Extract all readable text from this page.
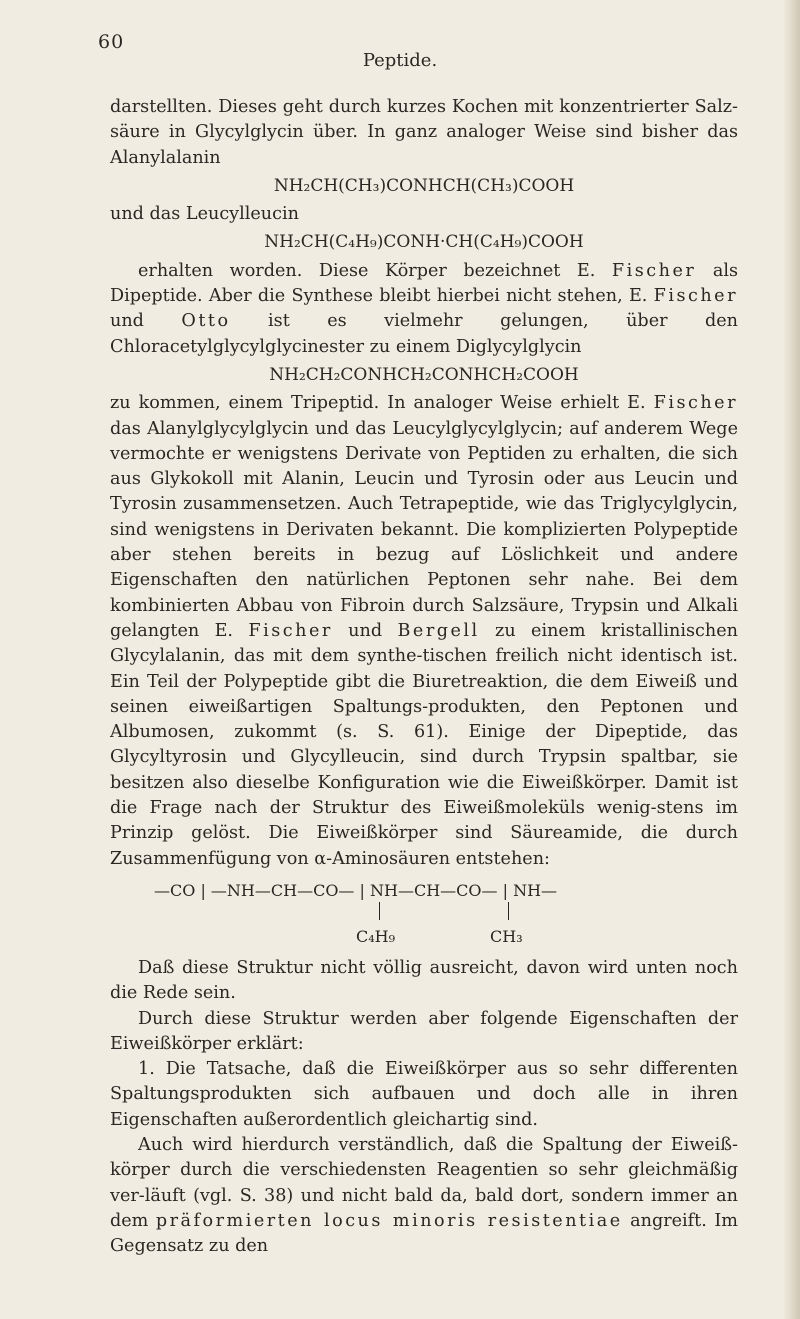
60
Peptide.

darstellten. Dieses geht durch kurzes Kochen mit konzentrierter Salz-säure in Glycylglycin über. In ganz analoger Weise sind bisher das Alanylalanin

NH₂CH(CH₃)CONHCH(CH₃)COOH

und das Leucylleucin

NH₂CH(C₄H₉)CONH·CH(C₄H₉)COOH

erhalten worden. Diese Körper bezeichnet E. Fischer als Dipeptide. Aber die Synthese bleibt hierbei nicht stehen, E. Fischer und Otto ist es vielmehr gelungen, über den Chloracetylglycylglycinester zu einem Diglycylglycin

NH₂CH₂CONHCH₂CONHCH₂COOH

zu kommen, einem Tripeptid. In analoger Weise erhielt E. Fischer das Alanylglycylglycin und das Leucylglycylglycin; auf anderem Wege vermochte er wenigstens Derivate von Peptiden zu erhalten, die sich aus Glykokoll mit Alanin, Leucin und Tyrosin oder aus Leucin und Tyrosin zusammensetzen. Auch Tetrapeptide, wie das Triglycylglycin, sind wenigstens in Derivaten bekannt. Die komplizierten Polypeptide aber stehen bereits in bezug auf Löslichkeit und andere Eigenschaften den natürlichen Peptonen sehr nahe. Bei dem kombinierten Abbau von Fibroin durch Salzsäure, Trypsin und Alkali gelangten E. Fischer und Bergell zu einem kristallinischen Glycylalanin, das mit dem synthe-tischen freilich nicht identisch ist. Ein Teil der Polypeptide gibt die Biuretreaktion, die dem Eiweiß und seinen eiweißartigen Spaltungs-produkten, den Peptonen und Albumosen, zukommt (s. S. 61). Einige der Dipeptide, das Glycyltyrosin und Glycylleucin, sind durch Trypsin spaltbar, sie besitzen also dieselbe Konfiguration wie die Eiweißkörper. Damit ist die Frage nach der Struktur des Eiweißmoleküls wenig-stens im Prinzip gelöst. Die Eiweißkörper sind Säureamide, die durch Zusammenfügung von α-Aminosäuren entstehen:

—CO | —NH—CH—CO— | NH—CH—CO— | NH—
C₄H₉	CH₃

Daß diese Struktur nicht völlig ausreicht, davon wird unten noch die Rede sein.

Durch diese Struktur werden aber folgende Eigenschaften der Eiweißkörper erklärt:

1. Die Tatsache, daß die Eiweißkörper aus so sehr differenten Spaltungsprodukten sich aufbauen und doch alle in ihren Eigenschaften außerordentlich gleichartig sind.

Auch wird hierdurch verständlich, daß die Spaltung der Eiweiß-körper durch die verschiedensten Reagentien so sehr gleichmäßig ver-läuft (vgl. S. 38) und nicht bald da, bald dort, sondern immer an dem präformierten locus minoris resistentiae angreift. Im Gegensatz zu den
